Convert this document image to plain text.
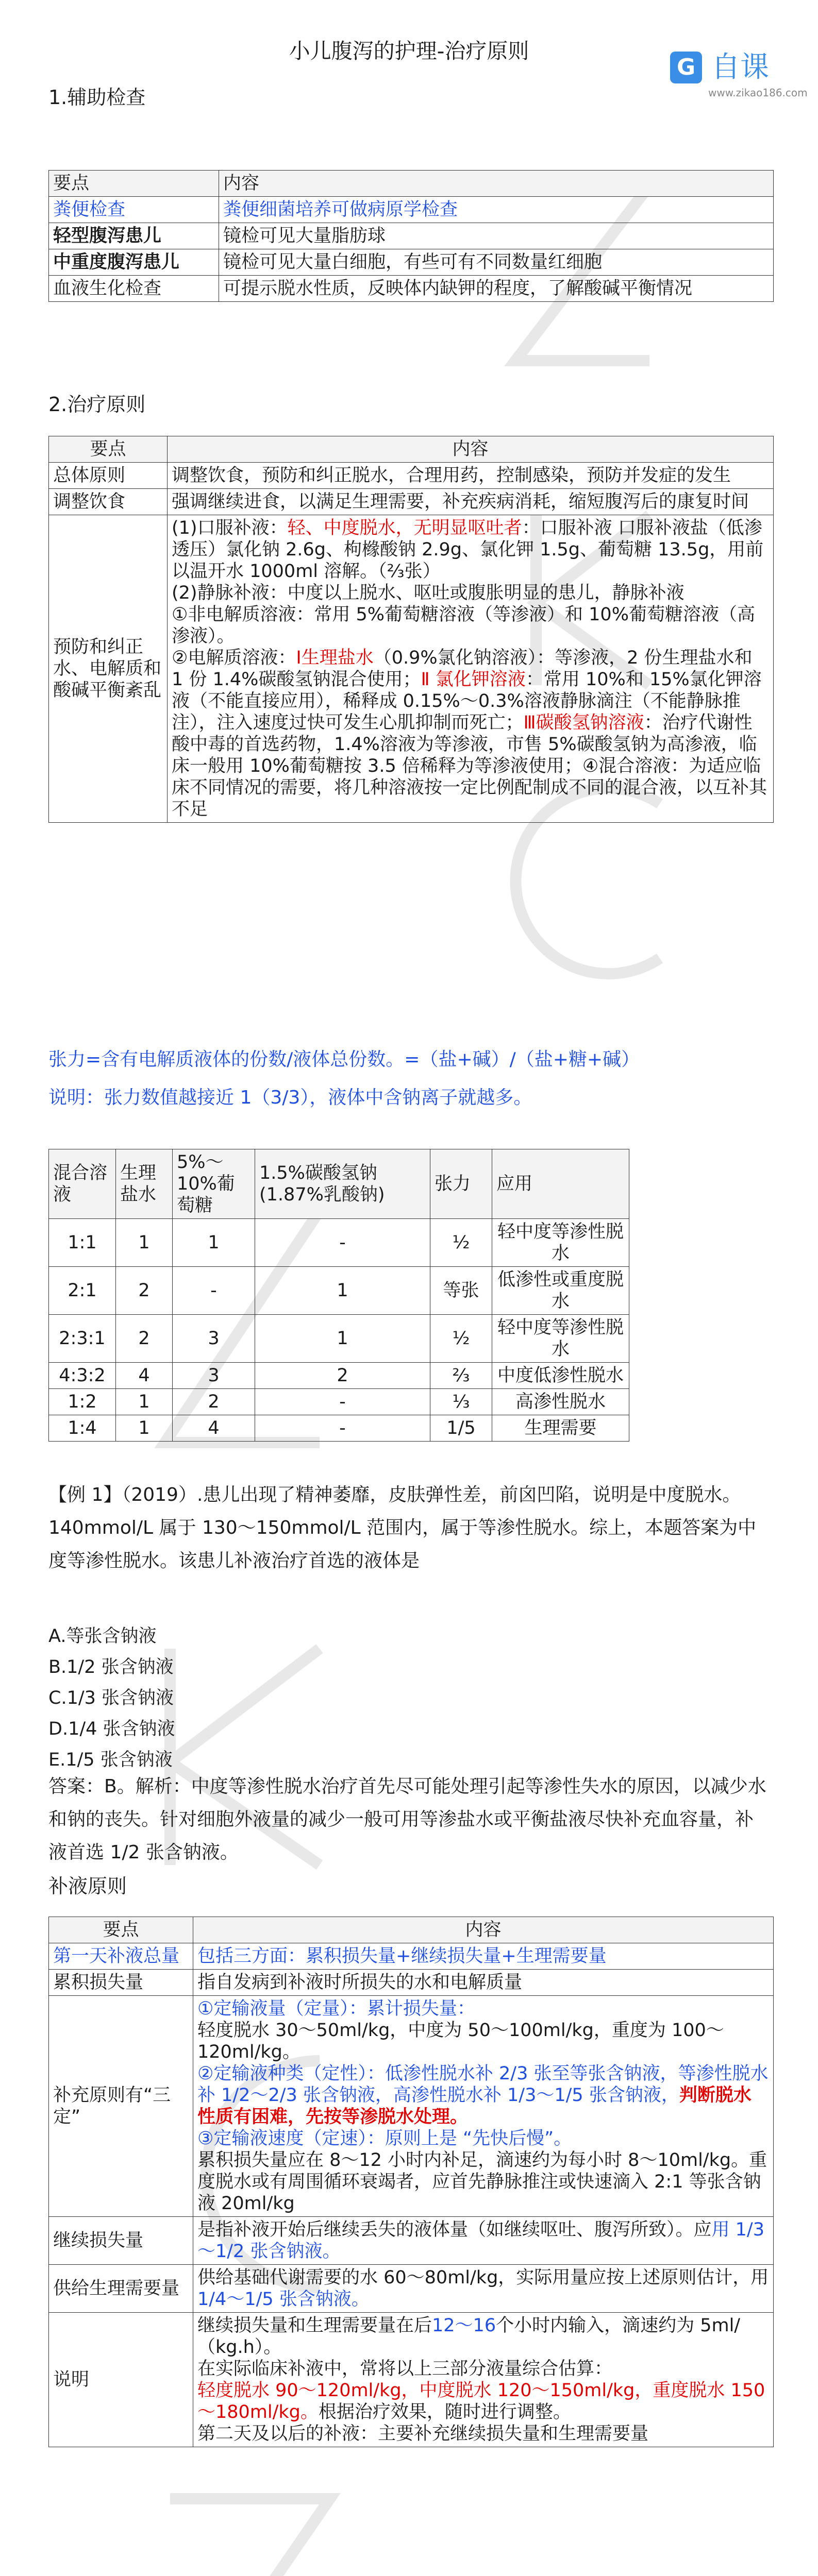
小儿腹泻的护理-治疗原则
G 自课
www.zikao186.com
1.辅助检查
要点	内容
粪便检查	粪便细菌培养可做病原学检查
轻型腹泻患儿	镜检可见大量脂肪球
中重度腹泻患儿	镜检可见大量白细胞，有些可有不同数量红细胞
血液生化检查	可提示脱水性质，反映体内缺钾的程度，了解酸碱平衡情况
2.治疗原则
要点	内容
总体原则	调整饮食，预防和纠正脱水，合理用药，控制感染，预防并发症的发生
调整饮食	强调继续进食，以满足生理需要，补充疾病消耗，缩短腹泻后的康复时间
预防和纠正水、电解质和酸碱平衡紊乱	(1)口服补液：轻、中度脱水，无明显呕吐者：口服补液 口服补液盐（低渗透压）氯化钠 2.6g、枸橼酸钠 2.9g、氯化钾 1.5g、葡萄糖 13.5g，用前以温开水 1000ml 溶解。（⅔张）
(2)静脉补液：中度以上脱水、呕吐或腹胀明显的患儿，静脉补液
①非电解质溶液：常用 5%葡萄糖溶液（等渗液）和 10%葡萄糖溶液（高渗液）。
②电解质溶液：Ⅰ生理盐水（0.9%氯化钠溶液）：等渗液，2 份生理盐水和 1 份 1.4%碳酸氢钠混合使用；Ⅱ 氯化钾溶液：常用 10%和 15%氯化钾溶液（不能直接应用），稀释成 0.15%～0.3%溶液静脉滴注（不能静脉推注），注入速度过快可发生心肌抑制而死亡；Ⅲ碳酸氢钠溶液：治疗代谢性酸中毒的首选药物，1.4%溶液为等渗液，市售 5%碳酸氢钠为高渗液，临床一般用 10%葡萄糖按 3.5 倍稀释为等渗液使用；④混合溶液：为适应临床不同情况的需要，将几种溶液按一定比例配制成不同的混合液，以互补其不足
张力=含有电解质液体的份数/液体总份数。=（盐+碱）/（盐+糖+碱）
说明：张力数值越接近 1（3/3），液体中含钠离子就越多。
混合溶液	生理盐水	5%～10%葡萄糖	1.5%碳酸氢钠(1.87%乳酸钠)	张力	应用
1:1	1	1	-	½	轻中度等渗性脱水
2:1	2	-	1	等张	低渗性或重度脱水
2:3:1	2	3	1	½	轻中度等渗性脱水
4:3:2	4	3	2	⅔	中度低渗性脱水
1:2	1	2	-	⅓	高渗性脱水
1:4	1	4	-	1/5	生理需要
【例 1】（2019）.患儿出现了精神萎靡，皮肤弹性差，前囟凹陷，说明是中度脱水。140mmol/L 属于 130～150mmol/L 范围内，属于等渗性脱水。综上，本题答案为中度等渗性脱水。该患儿补液治疗首选的液体是
A.等张含钠液
B.1/2 张含钠液
C.1/3 张含钠液
D.1/4 张含钠液
E.1/5 张含钠液
答案：B。解析：中度等渗性脱水治疗首先尽可能处理引起等渗性失水的原因，以减少水和钠的丧失。针对细胞外液量的减少一般可用等渗盐水或平衡盐液尽快补充血容量，补液首选 1/2 张含钠液。
补液原则
要点	内容
第一天补液总量	包括三方面：累积损失量+继续损失量+生理需要量
累积损失量	指自发病到补液时所损失的水和电解质量
补充原则有“三定”	①定输液量（定量）：累计损失量：
轻度脱水 30～50ml/kg，中度为 50～100ml/kg，重度为 100～120ml/kg。
②定输液种类（定性）：低渗性脱水补 2/3 张至等张含钠液，等渗性脱水补 1/2～2/3 张含钠液，高渗性脱水补 1/3～1/5 张含钠液，判断脱水性质有困难，先按等渗脱水处理。
③定输液速度（定速）：原则上是 “先快后慢”。
累积损失量应在 8～12 小时内补足，滴速约为每小时 8～10ml/kg。重度脱水或有周围循环衰竭者，应首先静脉推注或快速滴入 2:1 等张含钠液 20ml/kg
继续损失量	是指补液开始后继续丢失的液体量（如继续呕吐、腹泻所致）。应用 1/3～1/2 张含钠液。
供给生理需要量	供给基础代谢需要的水 60～80ml/kg，实际用量应按上述原则估计，用1/4～1/5 张含钠液。
说明	继续损失量和生理需要量在后12～16个小时内输入，滴速约为 5ml/（kg.h）。
在实际临床补液中，常将以上三部分液量综合估算：
轻度脱水 90～120ml/kg，中度脱水 120～150ml/kg，重度脱水 150～180ml/kg。根据治疗效果，随时进行调整。
第二天及以后的补液：主要补充继续损失量和生理需要量
